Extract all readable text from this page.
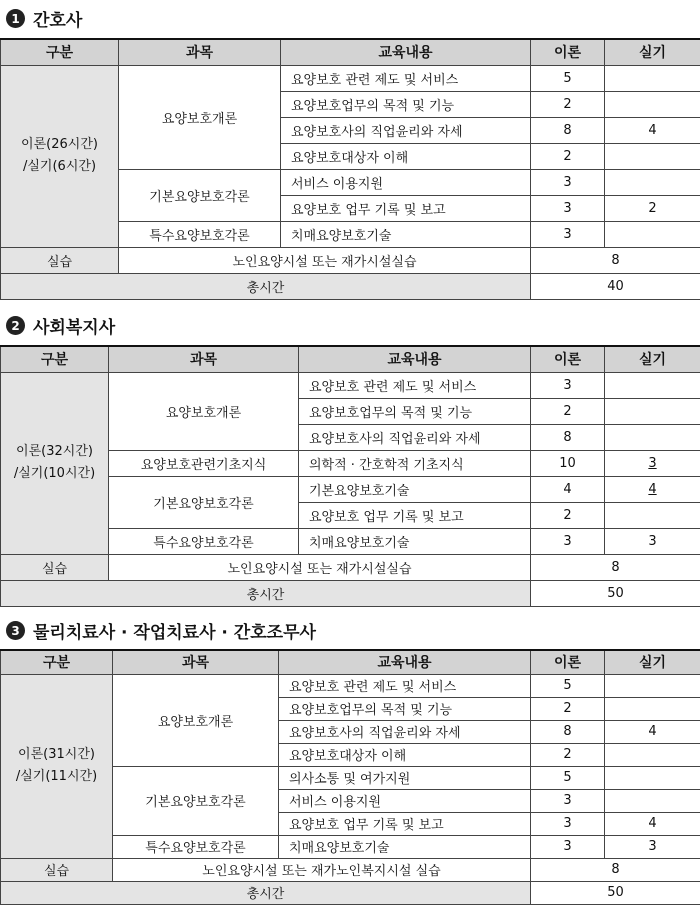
1 간호사
구분	과목	교육내용	이론	실기
이론(26시간)
/실기(6시간)	요양보호개론	요양보호 관련 제도 및 서비스	5	
		요양보호업무의 목적 및 기능	2	
		요양보호사의 직업윤리와 자세	8	4
		요양보호대상자 이해	2	
	기본요양보호각론	서비스 이용지원	3	
		요양보호 업무 기록 및 보고	3	2
	특수요양보호각론	치매요양보호기술	3	
실습	노인요양시설 또는 재가시설실습		8	
총시간			40	
2 사회복지사
구분	과목	교육내용	이론	실기
이론(32시간)
/실기(10시간)	요양보호개론	요양보호 관련 제도 및 서비스	3	
		요양보호업무의 목적 및 기능	2	
		요양보호사의 직업윤리와 자세	8	
	요양보호관련기초지식	의학적 · 간호학적 기초지식	10	3
	기본요양보호각론	기본요양보호기술	4	4
		요양보호 업무 기록 및 보고	2	
	특수요양보호각론	치매요양보호기술	3	3
실습	노인요양시설 또는 재가시설실습		8	
총시간			50	
3 물리치료사 · 작업치료사 · 간호조무사
구분	과목	교육내용	이론	실기
이론(31시간)
/실기(11시간)	요양보호개론	요양보호 관련 제도 및 서비스	5	
		요양보호업무의 목적 및 기능	2	
		요양보호사의 직업윤리와 자세	8	4
		요양보호대상자 이해	2	
	기본요양보호각론	의사소통 및 여가지원	5	
		서비스 이용지원	3	
		요양보호 업무 기록 및 보고	3	4
	특수요양보호각론	치매요양보호기술	3	3
실습	노인요양시설 또는 재가노인복지시설 실습		8	
총시간			50	
